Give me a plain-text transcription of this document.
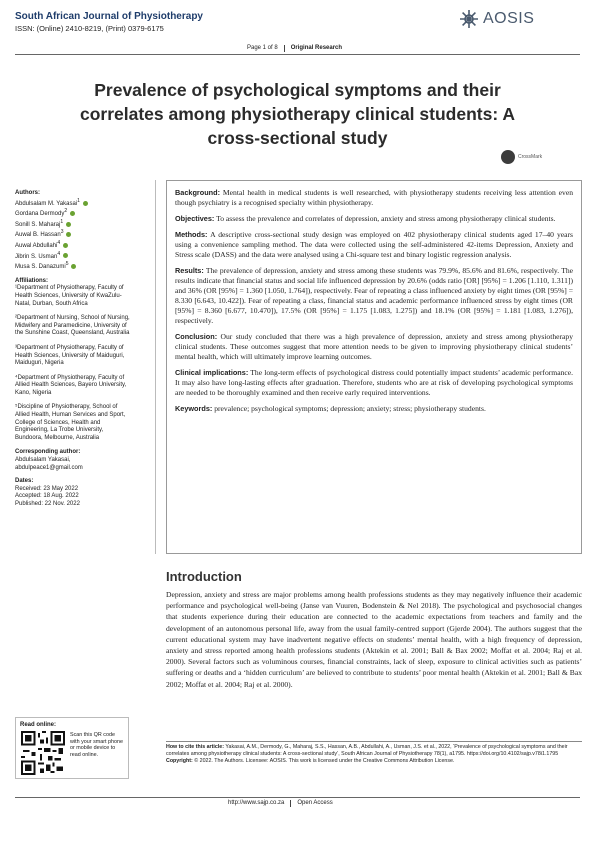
South African Journal of Physiotherapy
ISSN: (Online) 2410-8219, (Print) 0379-6175
AOSIS
Page 1 of 8 Original Research
Prevalence of psychological symptoms and their correlates among physiotherapy clinical students: A cross-sectional study
CrossMark
Authors:
Abdulsalam M. Yakasai$^1$
Gordana Dermody$^2$
Sonill S. Maharaj$^1$
Auwal B. Hassan$^3$
Auwal Abdullahi$^4$
Jibrin S. Usman$^4$
Musa S. Danazumi$^5$
Affiliations:
¹Department of Physiotherapy, Faculty of Health Sciences, University of KwaZulu-Natal, Durban, South Africa
²Department of Nursing, School of Nursing, Midwifery and Paramedicine, University of the Sunshine Coast, Queensland, Australia
³Department of Physiotherapy, Faculty of Health Sciences, University of Maiduguri, Maiduguri, Nigeria
⁴Department of Physiotherapy, Faculty of Allied Health Sciences, Bayero University, Kano, Nigeria
⁵Discipline of Physiotherapy, School of Allied Health, Human Services and Sport, College of Sciences, Health and Engineering, La Trobe University, Bundoora, Melbourne, Australia
Corresponding author:
Abdulsalam Yakasai,
abdulpeace1@gmail.com
Dates:
Received: 23 May 2022
Accepted: 18 Aug. 2022
Published: 22 Nov. 2022
Read online:
Scan this QR code with your smart phone or mobile device to read online.

Background: Mental health in medical students is well researched, with physiotherapy students receiving less attention even though psychiatry is a recognised specialty within physiotherapy.

Objectives: To assess the prevalence and correlates of depression, anxiety and stress among physiotherapy clinical students.

Methods: A descriptive cross-sectional study design was employed on 402 physiotherapy clinical students aged 17–40 years using a convenience sampling method. The data were collected using the self-administered 42-items Depression, Anxiety and Stress scale (DASS) and the data were analysed using a Chi-square test and binary logistic regression analysis.

Results: The prevalence of depression, anxiety and stress among these students was 79.9%, 85.6% and 81.6%, respectively. The results indicate that financial status and social life influenced depression by 20.6% (odds ratio [OR] [95%] = 1.206 [1.110, 1.311]) and 36% (OR [95%] = 1.360 [1.050, 1.764]), respectively. Fear of repeating a class influenced anxiety by eight times (OR [95%] = 8.330 [6.643, 10.422]). Fear of repeating a class, financial status and academic performance influenced stress by eight times (OR [95%] = 8.360 [6.677, 10.470]), 17.5% (OR [95%] = 1.175 [1.083, 1.275]) and 18.1% (OR [95%] = 1.181 [1.083, 1.276]), respectively.

Conclusion: Our study concluded that there was a high prevalence of depression, anxiety and stress among physiotherapy clinical students. These outcomes suggest that more attention needs to be given to improving physiotherapy clinical students’ mental health, which will ultimately improve learning outcomes.

Clinical implications: The long-term effects of psychological distress could potentially impact students’ academic performance. It may also have long-lasting effects after graduation. Therefore, students who are at risk of developing psychological symptoms are needed to be thoroughly examined and then receive early required interventions.

Keywords: prevalence; psychological symptoms; depression; anxiety; stress; physiotherapy students.

Introduction
Depression, anxiety and stress are major problems among health professions students as they may negatively influence their academic performance and psychological well-being (Janse van Vuuren, Bodenstein & Nel 2018). The psychological and psychosocial changes that students experience during their education are connected to the academic expectations from teachers and family and the development of an autonomous personal life, away from the usual family-centred support (Gjerde 2004). The authors suggest that the current educational system may have inadvertent negative effects on students’ mental health, with a high frequency of depression, anxiety and stress reported among health professions students (Aktekin et al. 2001; Ball & Bax 2002; Moffat et al. 2004; Raj et al. 2000). Several factors such as voluminous courses, financial constraints, lack of sleep, exposure to clinical activities such as patients’ suffering or deaths and a ‘hidden curriculum’ are believed to contribute to students’ poor mental health (Aktekin et al. 2001; Ball & Bax 2002; Moffat et al. 2004; Raj et al. 2000).
How to cite this article: Yakasai, A.M., Dermody, G., Maharaj, S.S., Hassan, A.B., Abdullahi, A., Usman, J.S. et al., 2022, ‘Prevalence of psychological symptoms and their correlates among physiotherapy clinical students: A cross-sectional study’, South African Journal of Physiotherapy 78(1), a1795. https://doi.org/10.4102/sajp.v78i1.1795
Copyright: © 2022. The Authors. Licensee: AOSIS. This work is licensed under the Creative Commons Attribution License.
http://www.sajp.co.za Open Access
